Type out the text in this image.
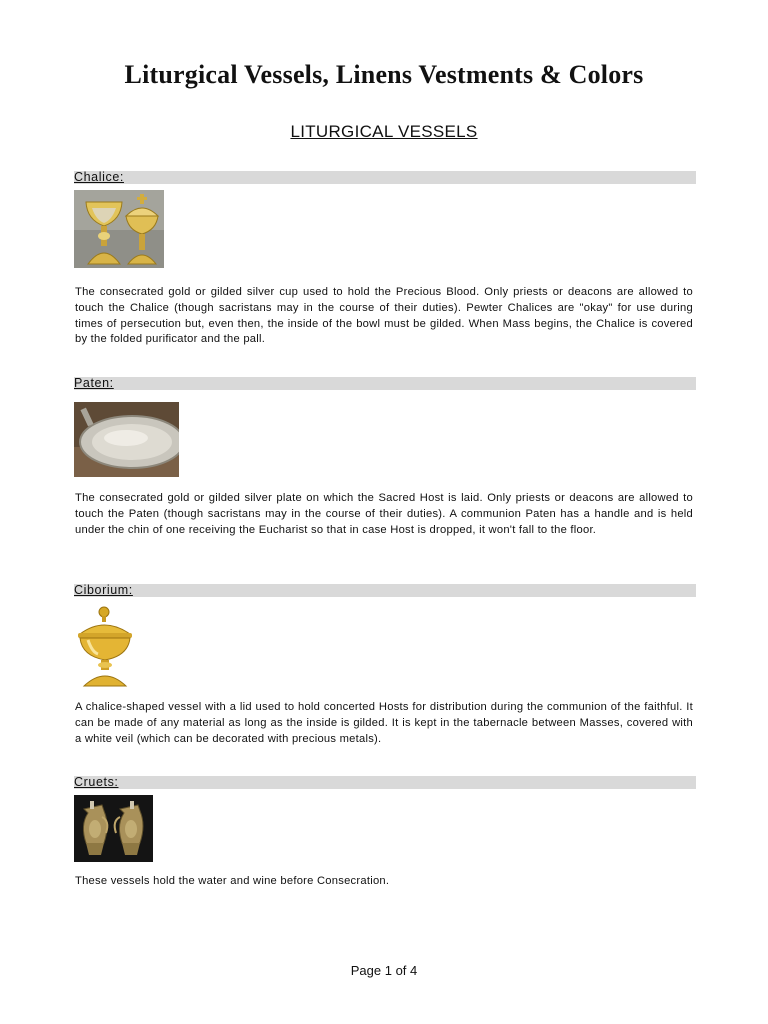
Liturgical Vessels, Linens Vestments & Colors
LITURGICAL VESSELS
Chalice:

The consecrated gold or gilded silver cup used to hold the Precious Blood. Only priests or deacons are allowed to touch the Chalice (though sacristans may in the course of their duties). Pewter Chalices are "okay" for use during times of persecution but, even then, the inside of the bowl must be gilded. When Mass begins, the Chalice is covered by the folded purificator and the pall.

Paten:

The consecrated gold or gilded silver plate on which the Sacred Host is laid. Only priests or deacons are allowed to touch the Paten (though sacristans may in the course of their duties). A communion Paten has a handle and is held under the chin of one receiving the Eucharist so that in case Host is dropped, it won't fall to the floor.

Ciborium:

A chalice-shaped vessel with a lid used to hold concerted Hosts for distribution during the communion of the faithful. It can be made of any material as long as the inside is gilded. It is kept in the tabernacle between Masses, covered with a white veil (which can be decorated with precious metals).

Cruets:

These vessels hold the water and wine before Consecration.

Page 1 of 4
